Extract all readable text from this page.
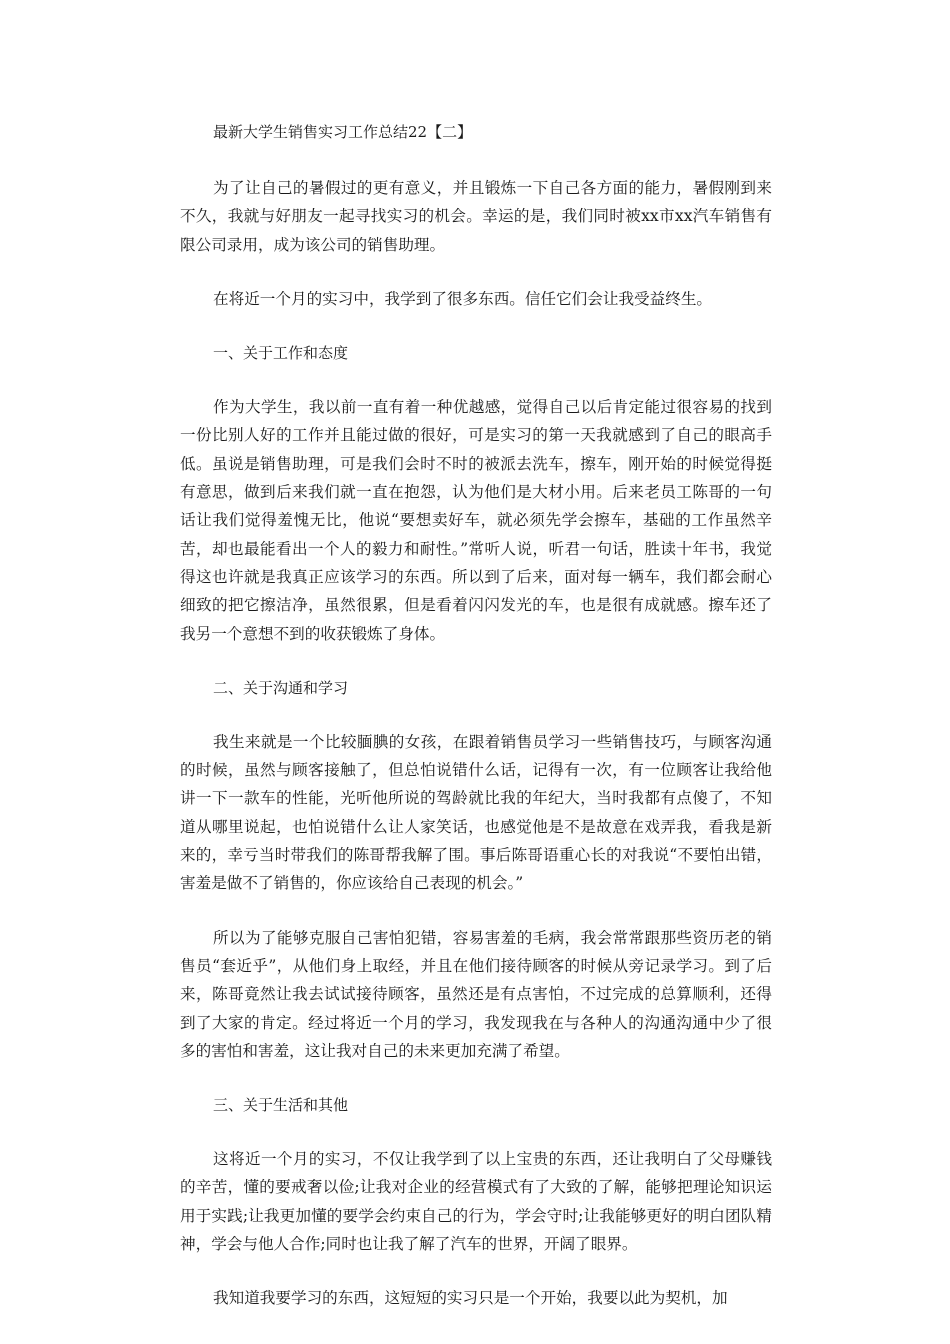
最新大学生销售实习工作总结22【二】

为了让自己的暑假过的更有意义，并且锻炼一下自己各方面的能力，暑假刚到来不久，我就与好朋友一起寻找实习的机会。幸运的是，我们同时被xx市xx汽车销售有限公司录用，成为该公司的销售助理。

在将近一个月的实习中，我学到了很多东西。信任它们会让我受益终生。

一、关于工作和态度

作为大学生，我以前一直有着一种优越感，觉得自己以后肯定能过很容易的找到一份比别人好的工作并且能过做的很好，可是实习的第一天我就感到了自己的眼高手低。虽说是销售助理，可是我们会时不时的被派去洗车，擦车，刚开始的时候觉得挺有意思，做到后来我们就一直在抱怨，认为他们是大材小用。后来老员工陈哥的一句话让我们觉得羞愧无比，他说“要想卖好车，就必须先学会擦车，基础的工作虽然辛苦，却也最能看出一个人的毅力和耐性。”常听人说，听君一句话，胜读十年书，我觉得这也许就是我真正应该学习的东西。所以到了后来，面对每一辆车，我们都会耐心细致的把它擦洁净，虽然很累，但是看着闪闪发光的车，也是很有成就感。擦车还了我另一个意想不到的收获锻炼了身体。

二、关于沟通和学习

我生来就是一个比较腼腆的女孩，在跟着销售员学习一些销售技巧，与顾客沟通的时候，虽然与顾客接触了，但总怕说错什么话，记得有一次，有一位顾客让我给他讲一下一款车的性能，光听他所说的驾龄就比我的年纪大，当时我都有点傻了，不知道从哪里说起，也怕说错什么让人家笑话，也感觉他是不是故意在戏弄我，看我是新来的，幸亏当时带我们的陈哥帮我解了围。事后陈哥语重心长的对我说“不要怕出错，害羞是做不了销售的，你应该给自己表现的机会。”

所以为了能够克服自己害怕犯错，容易害羞的毛病，我会常常跟那些资历老的销售员“套近乎”，从他们身上取经，并且在他们接待顾客的时候从旁记录学习。到了后来，陈哥竟然让我去试试接待顾客，虽然还是有点害怕，不过完成的总算顺利，还得到了大家的肯定。经过将近一个月的学习，我发现我在与各种人的沟通沟通中少了很多的害怕和害羞，这让我对自己的未来更加充满了希望。

三、关于生活和其他

这将近一个月的实习，不仅让我学到了以上宝贵的东西，还让我明白了父母赚钱的辛苦，懂的要戒奢以俭;让我对企业的经营模式有了大致的了解，能够把理论知识运用于实践;让我更加懂的要学会约束自己的行为，学会守时;让我能够更好的明白团队精神，学会与他人合作;同时也让我了解了汽车的世界，开阔了眼界。

我知道我要学习的东西，这短短的实习只是一个开始，我要以此为契机，加
